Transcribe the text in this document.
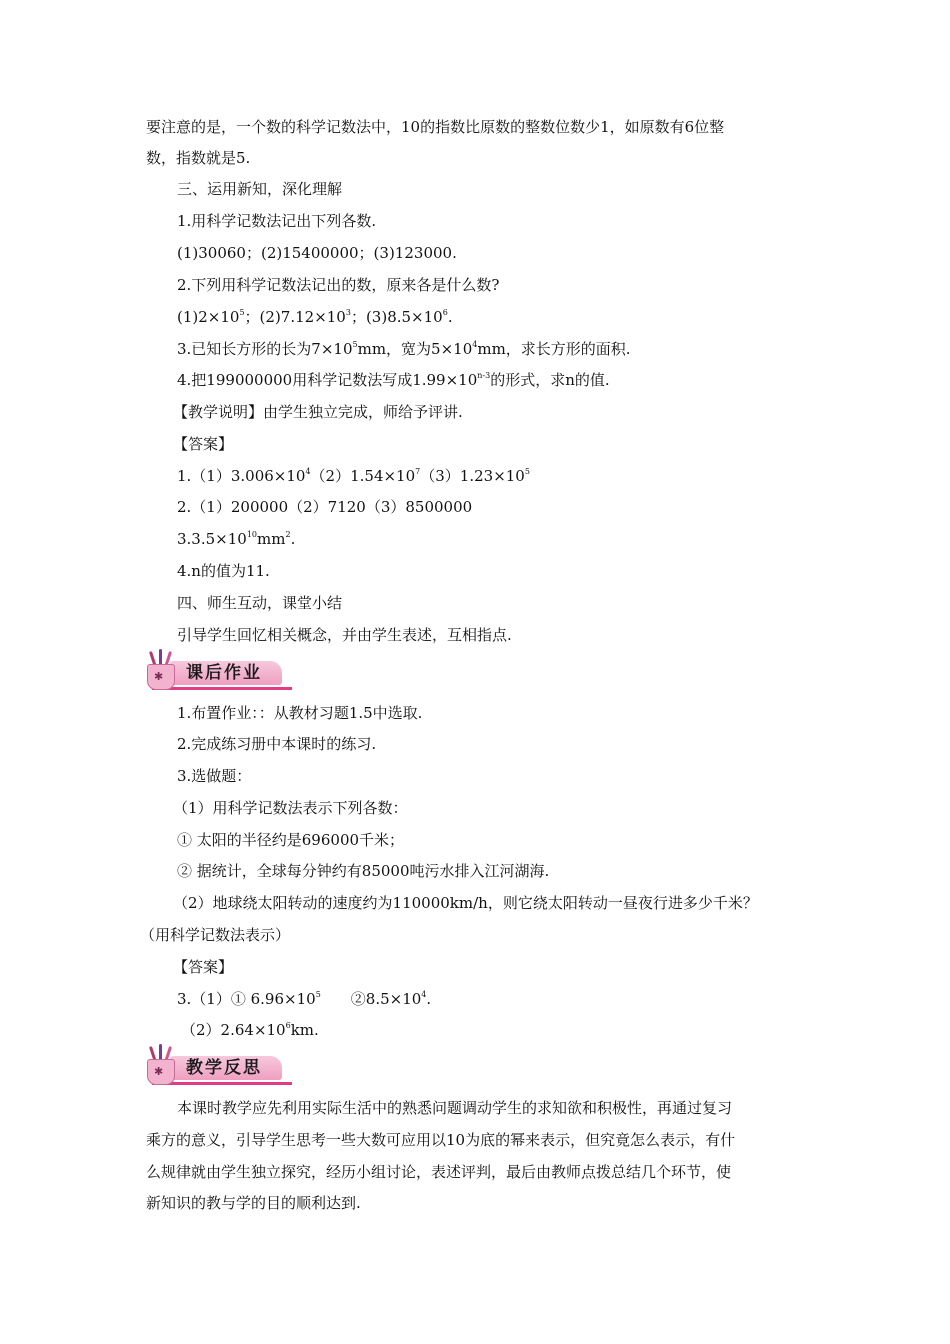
要注意的是，一个数的科学记数法中，10的指数比原数的整数位数少1，如原数有6位整
数，指数就是5.
三、运用新知，深化理解
1.用科学记数法记出下列各数.
(1)30060；(2)15400000；(3)123000.
2.下列用科学记数法记出的数，原来各是什么数?
$(1)2\times 10^5$；$(2)7.12\times 10^3$；$(3)8.5\times 10^6$.
3.已知长方形的长为$7\times 10^5mm$，宽为$5\times 10^4mm$，求长方形的面积.
4.把199000000用科学记数法写成$1.99\times 10^{n-3}$的形式，求n的值.
【教学说明】由学生独立完成，师给予评讲.
【答案】
$1.(1)3.006\times 10^4(2)1.54\times 10^7(3)1.23\times 10^5$
2.（1）200000（2）7120（3）8500000
$3.3.5\times 10^{10}mm^2$.
4.n的值为11.
四、师生互动，课堂小结
引导学生回忆相关概念，并由学生表述，互相指点.
✱ 课后作业
1.布置作业：：从教材习题1.5中选取.
2.完成练习册中本课时的练习.
3.选做题：
（1）用科学记数法表示下列各数：
① 太阳的半径约是696000千米；
② 据统计，全球每分钟约有85000吨污水排入江河湖海.
（2）地球绕太阳转动的速度约为110000km/h，则它绕太阳转动一昼夜行进多少千米？
（用科学记数法表示）
【答案】
3.（1）① $6.96\times 10^5$　　$②8.5\times 10^4$.
$(2)2.64\times 10^6km$.
✱ 教学反思
本课时教学应先利用实际生活中的熟悉问题调动学生的求知欲和积极性，再通过复习
乘方的意义，引导学生思考一些大数可应用以10为底的幂来表示，但究竟怎么表示，有什
么规律就由学生独立探究，经历小组讨论，表述评判，最后由教师点拨总结几个环节，使
新知识的教与学的目的顺利达到.
